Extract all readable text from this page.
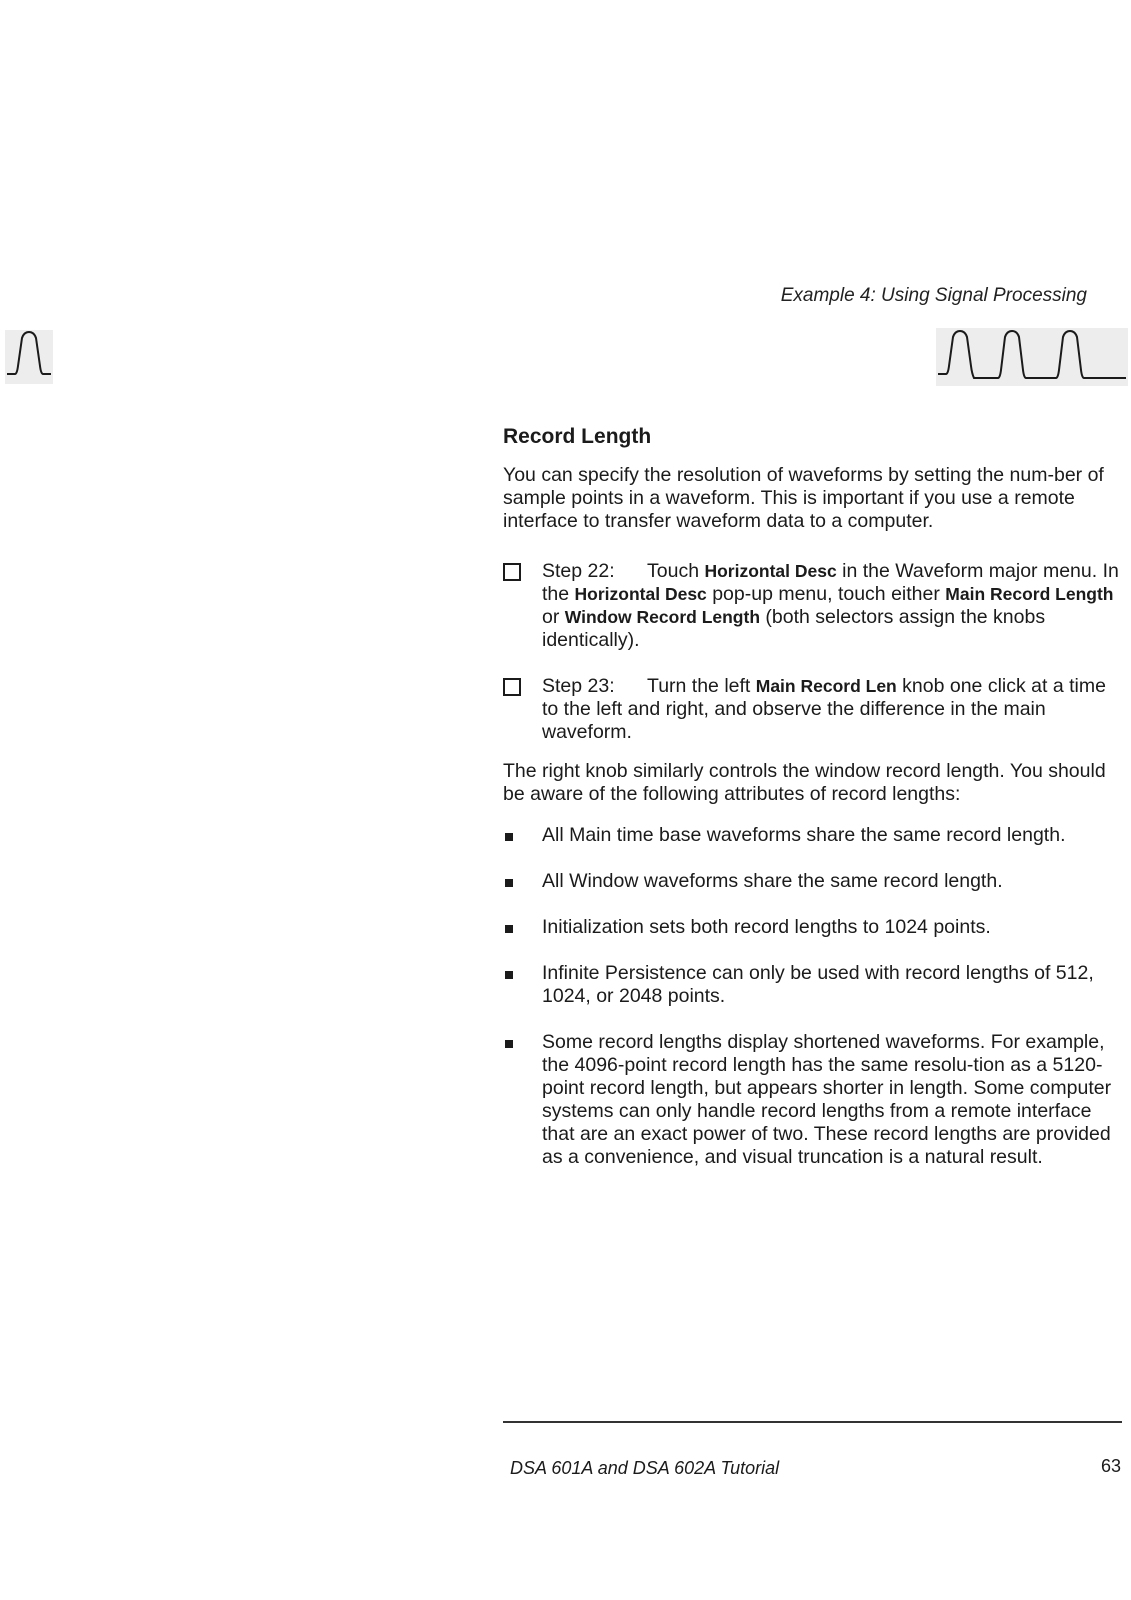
Example 4: Using Signal Processing
Record Length

You can specify the resolution of waveforms by setting the num-ber of sample points in a waveform. This is important if you use a remote interface to transfer waveform data to a computer.

Step 22: Touch Horizontal Desc in the Waveform major menu. In the Horizontal Desc pop-up menu, touch either Main Record Length or Window Record Length (both selectors assign the knobs identically).
Step 23: Turn the left Main Record Len knob one click at a time to the left and right, and observe the difference in the main waveform.

The right knob similarly controls the window record length. You should be aware of the following attributes of record lengths:

All Main time base waveforms share the same record length.
All Window waveforms share the same record length.
Initialization sets both record lengths to 1024 points.
Infinite Persistence can only be used with record lengths of 512, 1024, or 2048 points.
Some record lengths display shortened waveforms. For example, the 4096-point record length has the same resolu-tion as a 5120-point record length, but appears shorter in length. Some computer systems can only handle record lengths from a remote interface that are an exact power of two. These record lengths are provided as a convenience, and visual truncation is a natural result.
DSA 601A and DSA 602A Tutorial	63
